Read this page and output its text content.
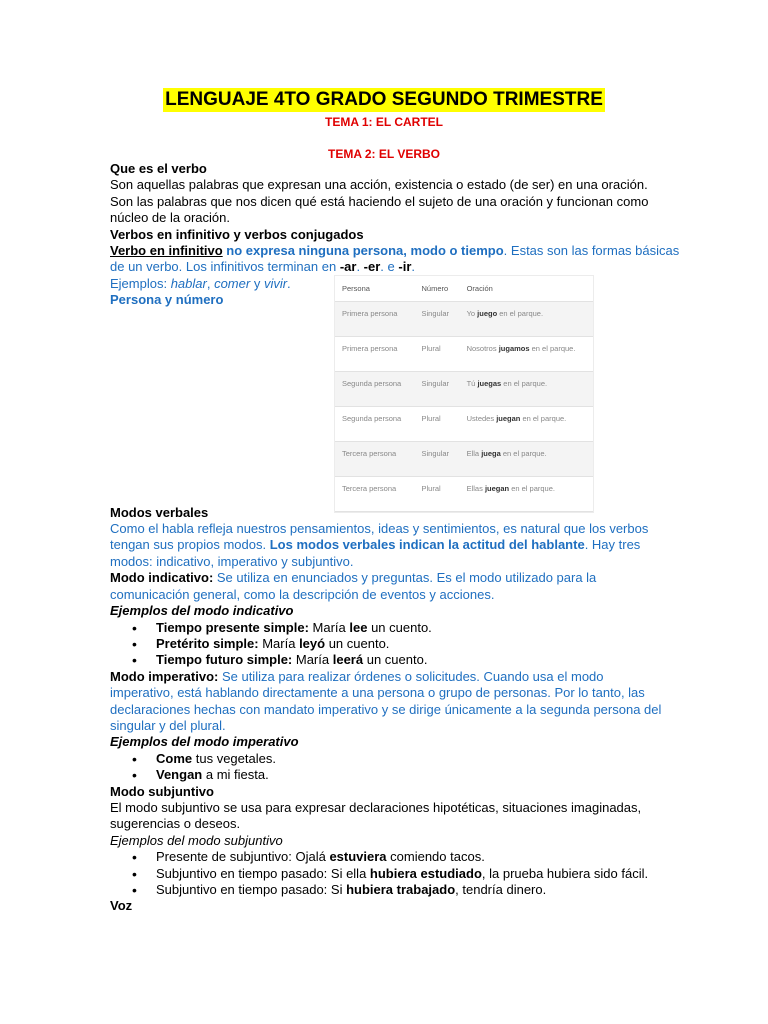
LENGUAJE 4TO GRADO SEGUNDO TRIMESTRE
TEMA 1: EL CARTEL
TEMA 2: EL VERBO
Que es el verbo
Son aquellas palabras que expresan una acción, existencia o estado (de ser) en una oración.
Son las palabras que nos dicen qué está haciendo el sujeto de una oración y funcionan como
núcleo de la oración.
Verbos en infinitivo y verbos conjugados
Verbo en infinitivo no expresa ninguna persona, modo o tiempo. Estas son las formas básicas
de un verbo. Los infinitivos terminan en -ar. -er. e -ir.
Ejemplos: hablar, comer y vivir.
Persona y número
Modos verbales
Como el habla refleja nuestros pensamientos, ideas y sentimientos, es natural que los verbos
tengan sus propios modos. Los modos verbales indican la actitud del hablante. Hay tres
modos: indicativo, imperativo y subjuntivo.
Modo indicativo: Se utiliza en enunciados y preguntas. Es el modo utilizado para la
comunicación general, como la descripción de eventos y acciones.
Ejemplos del modo indicativo
• Tiempo presente simple: María lee un cuento.
• Pretérito simple: María leyó un cuento.
• Tiempo futuro simple: María leerá un cuento.
Modo imperativo: Se utiliza para realizar órdenes o solicitudes. Cuando usa el modo
imperativo, está hablando directamente a una persona o grupo de personas. Por lo tanto, las
declaraciones hechas con mandato imperativo y se dirige únicamente a la segunda persona del
singular y del plural.
Ejemplos del modo imperativo
• Come tus vegetales.
• Vengan a mi fiesta.
Modo subjuntivo
El modo subjuntivo se usa para expresar declaraciones hipotéticas, situaciones imaginadas,
sugerencias o deseos.
Ejemplos del modo subjuntivo
• Presente de subjuntivo: Ojalá estuviera comiendo tacos.
• Subjuntivo en tiempo pasado: Si ella hubiera estudiado, la prueba hubiera sido fácil.
• Subjuntivo en tiempo pasado: Si hubiera trabajado, tendría dinero.
Voz
Persona	Número	Oración
Primera persona	Singular	Yo juego en el parque.
Primera persona	Plural	Nosotros jugamos en el parque.
Segunda persona	Singular	Tú juegas en el parque.
Segunda persona	Plural	Ustedes juegan en el parque.
Tercera persona	Singular	Ella juega en el parque.
Tercera persona	Plural	Ellas juegan en el parque.
